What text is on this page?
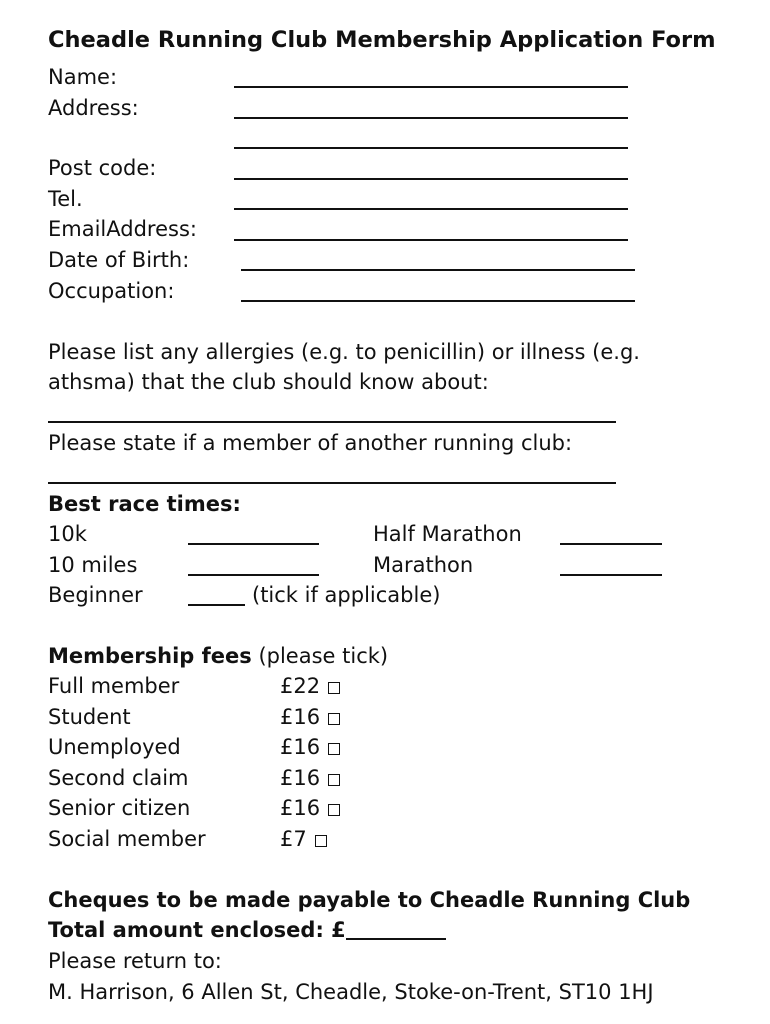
Cheadle Running Club Membership Application Form
Name:
Address:
Post code:
Tel.
EmailAddress:
Date of Birth:
Occupation:
Please list any allergies (e.g. to penicillin) or illness (e.g.
athsma) that the club should know about:
Please state if a member of another running club:
Best race times:
10k	Half Marathon
10 miles	Marathon
Beginner	(tick if applicable)
Membership fees (please tick)
Full member	£22
Student	£16
Unemployed	£16
Second claim	£16
Senior citizen	£16
Social member	£7
Cheques to be made payable to Cheadle Running Club
Total amount enclosed: £
Please return to:
M. Harrison, 6 Allen St, Cheadle, Stoke-on-Trent, ST10 1HJ
